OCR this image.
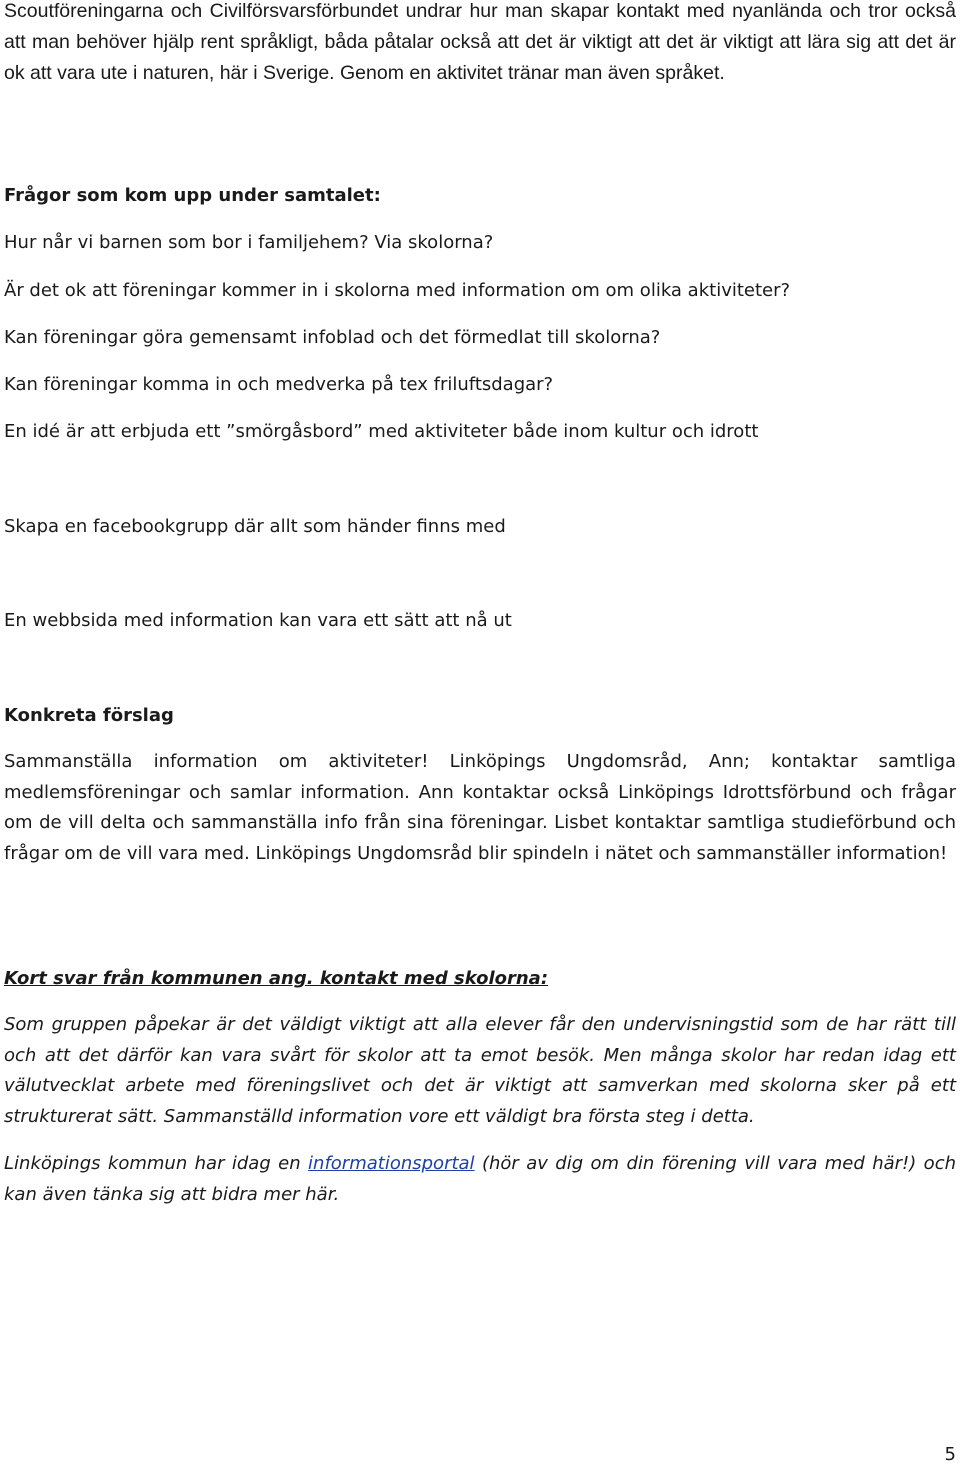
Scoutföreningarna och Civilförsvarsförbundet undrar hur man skapar kontakt med nyanlända och tror också att man behöver hjälp rent språkligt, båda påtalar också att det är viktigt att det är viktigt att lära sig att det är ok att vara ute i naturen, här i Sverige. Genom en aktivitet tränar man även språket.

Frågor som kom upp under samtalet:

Hur når vi barnen som bor i familjehem? Via skolorna?

Är det ok att föreningar kommer in i skolorna med information om om olika aktiviteter?

Kan föreningar göra gemensamt infoblad och det förmedlat till skolorna?

Kan föreningar komma in och medverka på tex friluftsdagar?

En idé är att erbjuda ett ”smörgåsbord” med aktiviteter både inom kultur och idrott

Skapa en facebookgrupp där allt som händer finns med

En webbsida med information kan vara ett sätt att nå ut

Konkreta förslag

Sammanställa information om aktiviteter! Linköpings Ungdomsråd, Ann; kontaktar samtliga medlemsföreningar och samlar information. Ann kontaktar också Linköpings Idrottsförbund och frågar om de vill delta och sammanställa info från sina föreningar. Lisbet kontaktar samtliga studieförbund och frågar om de vill vara med. Linköpings Ungdomsråd blir spindeln i nätet och sammanställer information!

Kort svar från kommunen ang. kontakt med skolorna:

Som gruppen påpekar är det väldigt viktigt att alla elever får den undervisningstid som de har rätt till och att det därför kan vara svårt för skolor att ta emot besök. Men många skolor har redan idag ett välutvecklat arbete med föreningslivet och det är viktigt att samverkan med skolorna sker på ett strukturerat sätt. Sammanställd information vore ett väldigt bra första steg i detta.

Linköpings kommun har idag en informationsportal (hör av dig om din förening vill vara med här!) och kan även tänka sig att bidra mer här.

5
